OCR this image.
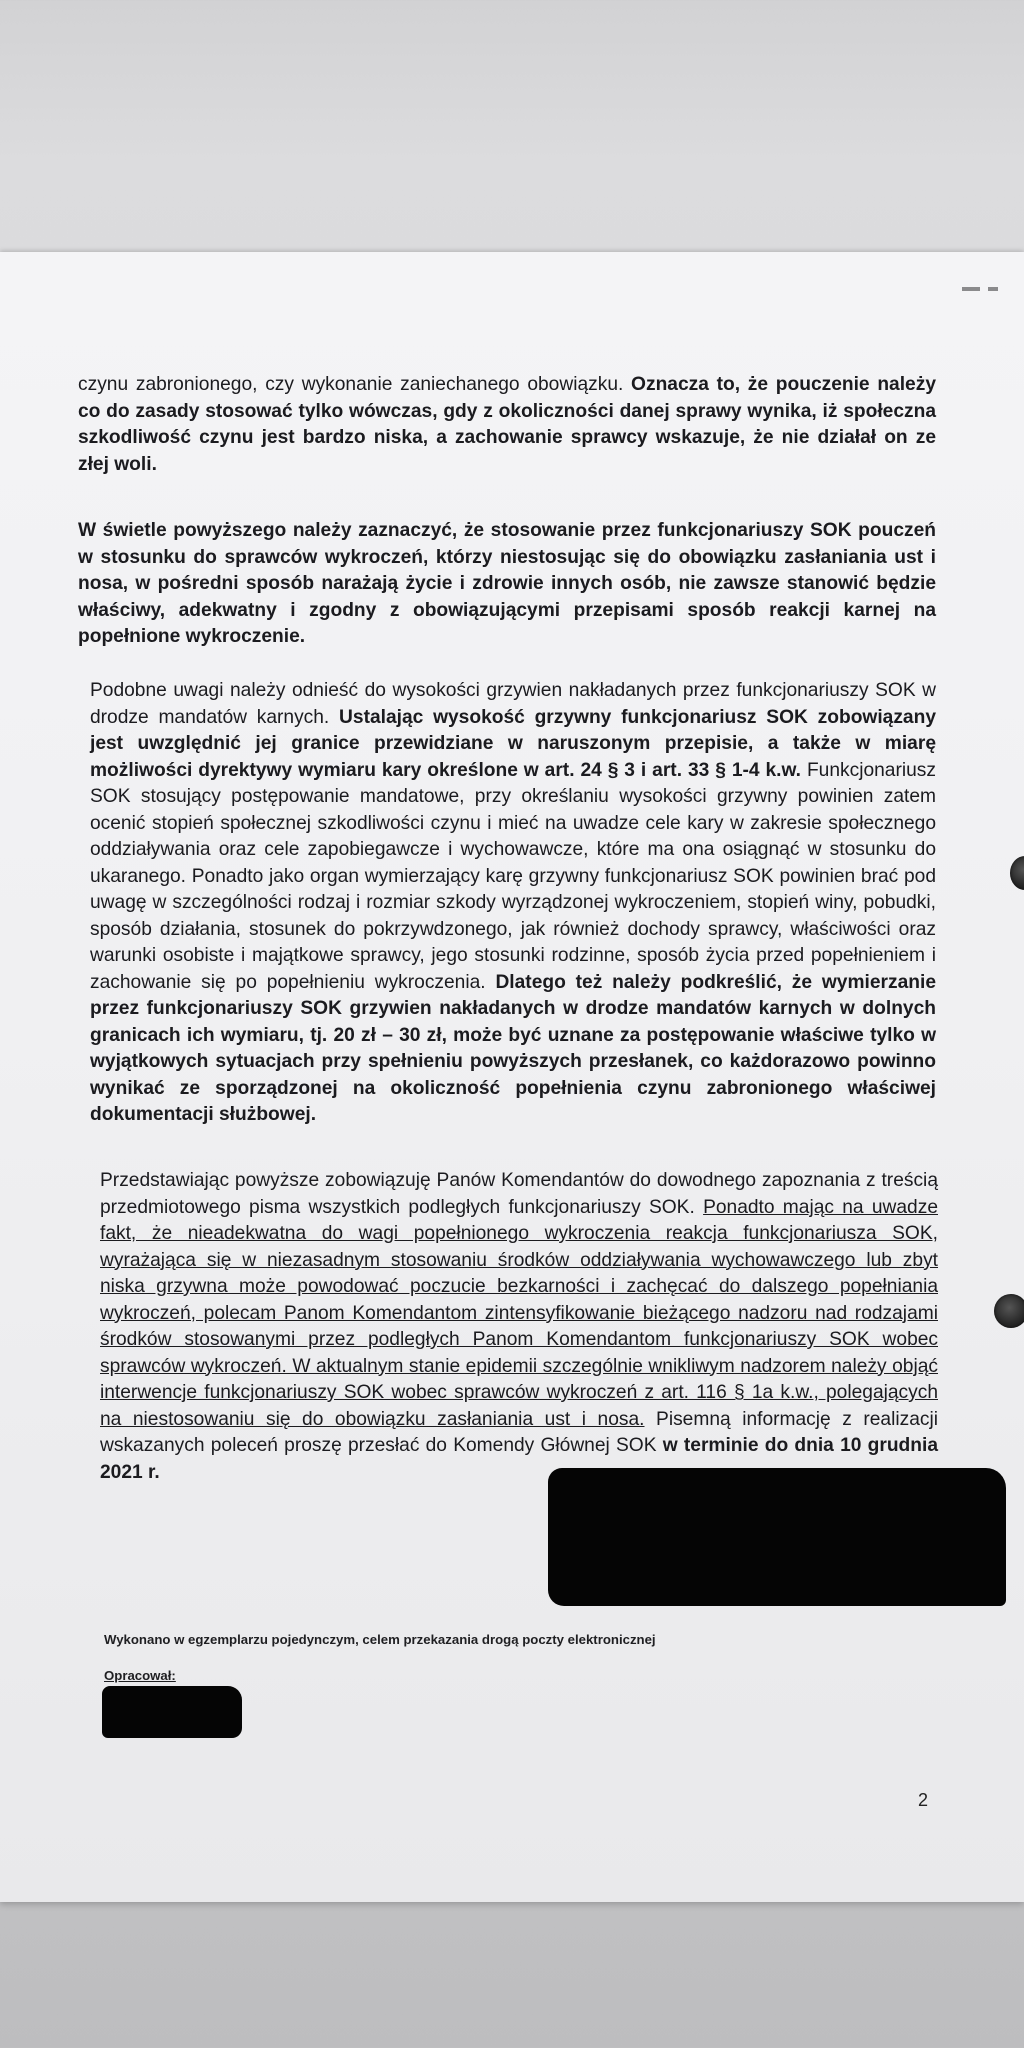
czynu zabronionego, czy wykonanie zaniechanego obowiązku. Oznacza to, że pouczenie należy co do zasady stosować tylko wówczas, gdy z okoliczności danej sprawy wynika, iż społeczna szkodliwość czynu jest bardzo niska, a zachowanie sprawcy wskazuje, że nie działał on ze złej woli.
W świetle powyższego należy zaznaczyć, że stosowanie przez funkcjonariuszy SOK pouczeń w stosunku do sprawców wykroczeń, którzy niestosując się do obowiązku zasłaniania ust i nosa, w pośredni sposób narażają życie i zdrowie innych osób, nie zawsze stanowić będzie właściwy, adekwatny i zgodny z obowiązującymi przepisami sposób reakcji karnej na popełnione wykroczenie.
Podobne uwagi należy odnieść do wysokości grzywien nakładanych przez funkcjonariuszy SOK w drodze mandatów karnych. Ustalając wysokość grzywny funkcjonariusz SOK zobowiązany jest uwzględnić jej granice przewidziane w naruszonym przepisie, a także w miarę możliwości dyrektywy wymiaru kary określone w art. 24 § 3 i art. 33 § 1-4 k.w. Funkcjonariusz SOK stosujący postępowanie mandatowe, przy określaniu wysokości grzywny powinien zatem ocenić stopień społecznej szkodliwości czynu i mieć na uwadze cele kary w zakresie społecznego oddziaływania oraz cele zapobiegawcze i wychowawcze, które ma ona osiągnąć w stosunku do ukaranego. Ponadto jako organ wymierzający karę grzywny funkcjonariusz SOK powinien brać pod uwagę w szczególności rodzaj i rozmiar szkody wyrządzonej wykroczeniem, stopień winy, pobudki, sposób działania, stosunek do pokrzywdzonego, jak również dochody sprawcy, właściwości oraz warunki osobiste i majątkowe sprawcy, jego stosunki rodzinne, sposób życia przed popełnieniem i zachowanie się po popełnieniu wykroczenia. Dlatego też należy podkreślić, że wymierzanie przez funkcjonariuszy SOK grzywien nakładanych w drodze mandatów karnych w dolnych granicach ich wymiaru, tj. 20 zł – 30 zł, może być uznane za postępowanie właściwe tylko w wyjątkowych sytuacjach przy spełnieniu powyższych przesłanek, co każdorazowo powinno wynikać ze sporządzonej na okoliczność popełnienia czynu zabronionego właściwej dokumentacji służbowej.
Przedstawiając powyższe zobowiązuję Panów Komendantów do dowodnego zapoznania z treścią przedmiotowego pisma wszystkich podległych funkcjonariuszy SOK. Ponadto mając na uwadze fakt, że nieadekwatna do wagi popełnionego wykroczenia reakcja funkcjonariusza SOK, wyrażająca się w niezasadnym stosowaniu środków oddziaływania wychowawczego lub zbyt niska grzywna może powodować poczucie bezkarności i zachęcać do dalszego popełniania wykroczeń, polecam Panom Komendantom zintensyfikowanie bieżącego nadzoru nad rodzajami środków stosowanymi przez podległych Panom Komendantom funkcjonariuszy SOK wobec sprawców wykroczeń. W aktualnym stanie epidemii szczególnie wnikliwym nadzorem należy objąć interwencje funkcjonariuszy SOK wobec sprawców wykroczeń z art. 116 § 1a k.w., polegających na niestosowaniu się do obowiązku zasłaniania ust i nosa. Pisemną informację z realizacji wskazanych poleceń proszę przesłać do Komendy Głównej SOK w terminie do dnia 10 grudnia 2021 r.
Wykonano w egzemplarzu pojedynczym, celem przekazania drogą poczty elektronicznej
Opracował:
2
